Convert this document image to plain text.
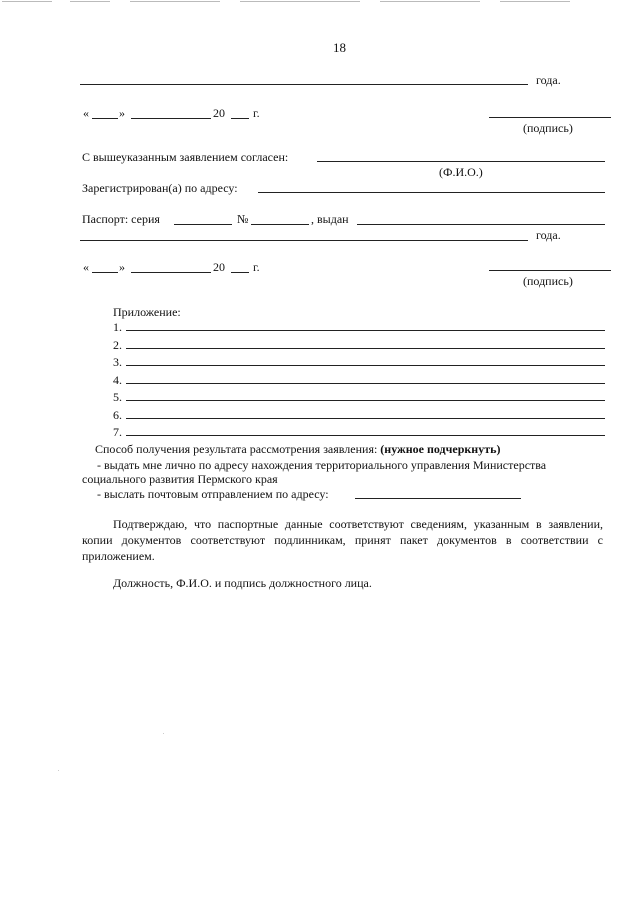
18
года.
«	»	20 г.
(подпись)
С вышеуказанным заявлением согласен:
(Ф.И.О.)
Зарегистрирован(а) по адресу:
Паспорт: серия	№	, выдан
года.
«	»	20 г.
(подпись)
Приложение:
1.
2.
3.
4.
5.
6.
7.
Способ получения результата рассмотрения заявления: (нужное подчеркнуть)
- выдать мне лично по адресу нахождения территориального управления Министерства
социального развития Пермского края
- выслать почтовым отправлением по адресу:
Подтверждаю, что паспортные данные соответствуют сведениям, указанным в заявлении, копии документов соответствуют подлинникам, принят пакет документов в соответствии с приложением.
Должность, Ф.И.О. и подпись должностного лица.
